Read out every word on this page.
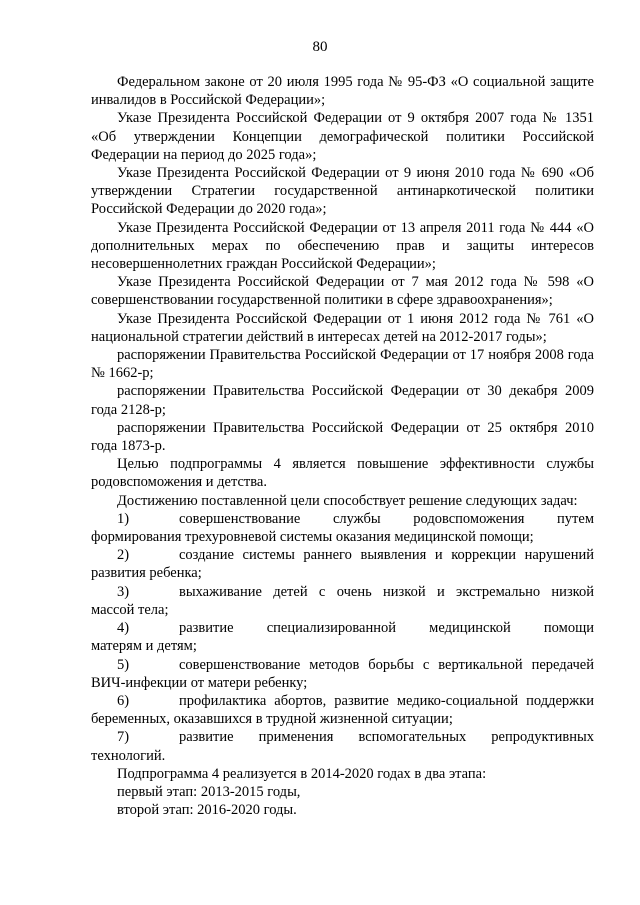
80

Федеральном законе от 20 июля 1995 года № 95-ФЗ «О социальной защите инвалидов в Российской Федерации»;

Указе Президента Российской Федерации от 9 октября 2007 года № 1351 «Об утверждении Концепции демографической политики Российской Федерации на период до 2025 года»;

Указе Президента Российской Федерации от 9 июня 2010 года № 690 «Об утверждении Стратегии государственной антинаркотической политики Российской Федерации до 2020 года»;

Указе Президента Российской Федерации от 13 апреля 2011 года № 444 «О дополнительных мерах по обеспечению прав и защиты интересов несовершеннолетних граждан Российской Федерации»;

Указе Президента Российской Федерации от 7 мая 2012 года № 598 «О совершенствовании государственной политики в сфере здравоохранения»;

Указе Президента Российской Федерации от 1 июня 2012 года № 761 «О национальной стратегии действий в интересах детей на 2012-2017 годы»;

распоряжении Правительства Российской Федерации от 17 ноября 2008 года № 1662-р;

распоряжении Правительства Российской Федерации от 30 декабря 2009 года 2128-р;

распоряжении Правительства Российской Федерации от 25 октября 2010 года 1873-р.

Целью подпрограммы 4 является повышение эффективности службы родовспоможения и детства.

Достижению поставленной цели способствует решение следующих задач:

1)	совершенствование службы родовспоможения путем
формирования трехуровневой системы оказания медицинской помощи;
2)	создание системы раннего выявления и коррекции нарушений
развития ребенка;
3)	выхаживание детей с очень низкой и экстремально низкой
массой тела;
4)	развитие специализированной медицинской помощи
матерям и детям;
5)	совершенствование методов борьбы с вертикальной передачей
ВИЧ-инфекции от матери ребенку;
6)	профилактика абортов, развитие медико-социальной поддержки
беременных, оказавшихся в трудной жизненной ситуации;
7)	развитие применения вспомогательных репродуктивных
технологий.

Подпрограмма 4 реализуется в 2014-2020 годах в два этапа:

первый этап: 2013-2015 годы,

второй этап: 2016-2020 годы.
